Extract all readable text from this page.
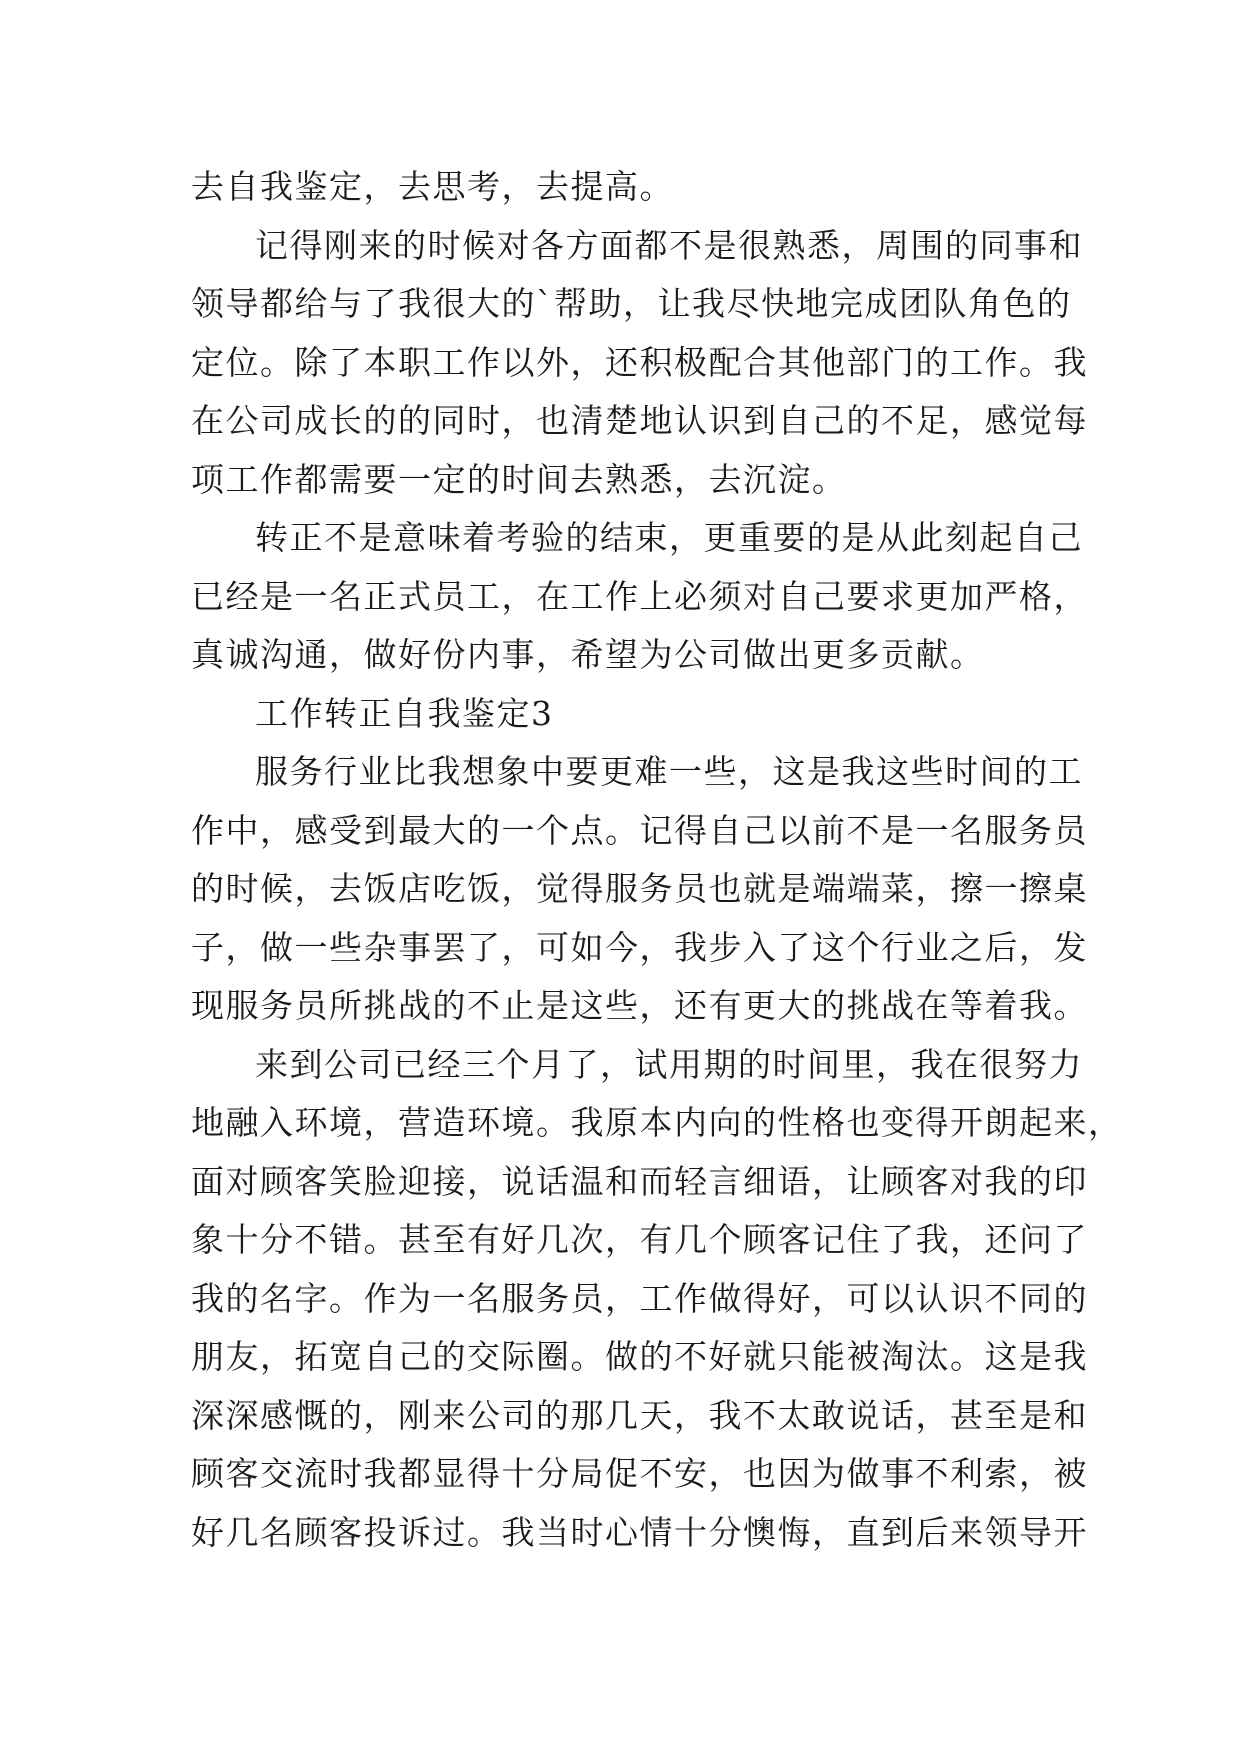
去自我鉴定，去思考，去提高。
记得刚来的时候对各方面都不是很熟悉，周围的同事和
领导都给与了我很大的`帮助，让我尽快地完成团队角色的
定位。除了本职工作以外，还积极配合其他部门的工作。我
在公司成长的的同时，也清楚地认识到自己的不足，感觉每
项工作都需要一定的时间去熟悉，去沉淀。
转正不是意味着考验的结束，更重要的是从此刻起自己
已经是一名正式员工，在工作上必须对自己要求更加严格，
真诚沟通，做好份内事，希望为公司做出更多贡献。
工作转正自我鉴定3
服务行业比我想象中要更难一些，这是我这些时间的工
作中，感受到最大的一个点。记得自己以前不是一名服务员
的时候，去饭店吃饭，觉得服务员也就是端端菜，擦一擦桌
子，做一些杂事罢了，可如今，我步入了这个行业之后，发
现服务员所挑战的不止是这些，还有更大的挑战在等着我。
来到公司已经三个月了，试用期的时间里，我在很努力
地融入环境，营造环境。我原本内向的性格也变得开朗起来，
面对顾客笑脸迎接，说话温和而轻言细语，让顾客对我的印
象十分不错。甚至有好几次，有几个顾客记住了我，还问了
我的名字。作为一名服务员，工作做得好，可以认识不同的
朋友，拓宽自己的交际圈。做的不好就只能被淘汰。这是我
深深感慨的，刚来公司的那几天，我不太敢说话，甚至是和
顾客交流时我都显得十分局促不安，也因为做事不利索，被
好几名顾客投诉过。我当时心情十分懊悔，直到后来领导开
